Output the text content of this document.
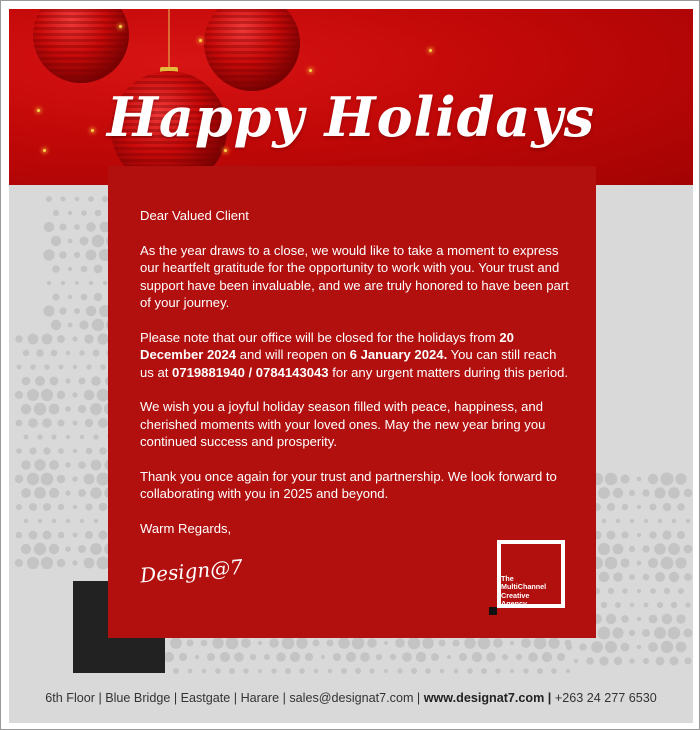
Happy Holidays

Dear Valued Client

As the year draws to a close, we would like to take a moment to express our heartfelt gratitude for the opportunity to work with you. Your trust and support have been invaluable, and we are truly honored to have been part of your journey.

Please note that our office will be closed for the holidays from 20 December 2024 and will reopen on 6 January 2024. You can still reach us at 0719881940 / 0784143043 for any urgent matters during this period.

We wish you a joyful holiday season filled with peace, happiness, and cherished moments with your loved ones. May the new year bring you continued success and prosperity.

Thank you once again for your trust and partnership. We look forward to collaborating with you in 2025 and beyond.

Warm Regards,

Design@7	The
MultiChannel
Creative
Agency
6th Floor | Blue Bridge | Eastgate | Harare | sales@designat7.com | www.designat7.com | +263 24 277 6530
